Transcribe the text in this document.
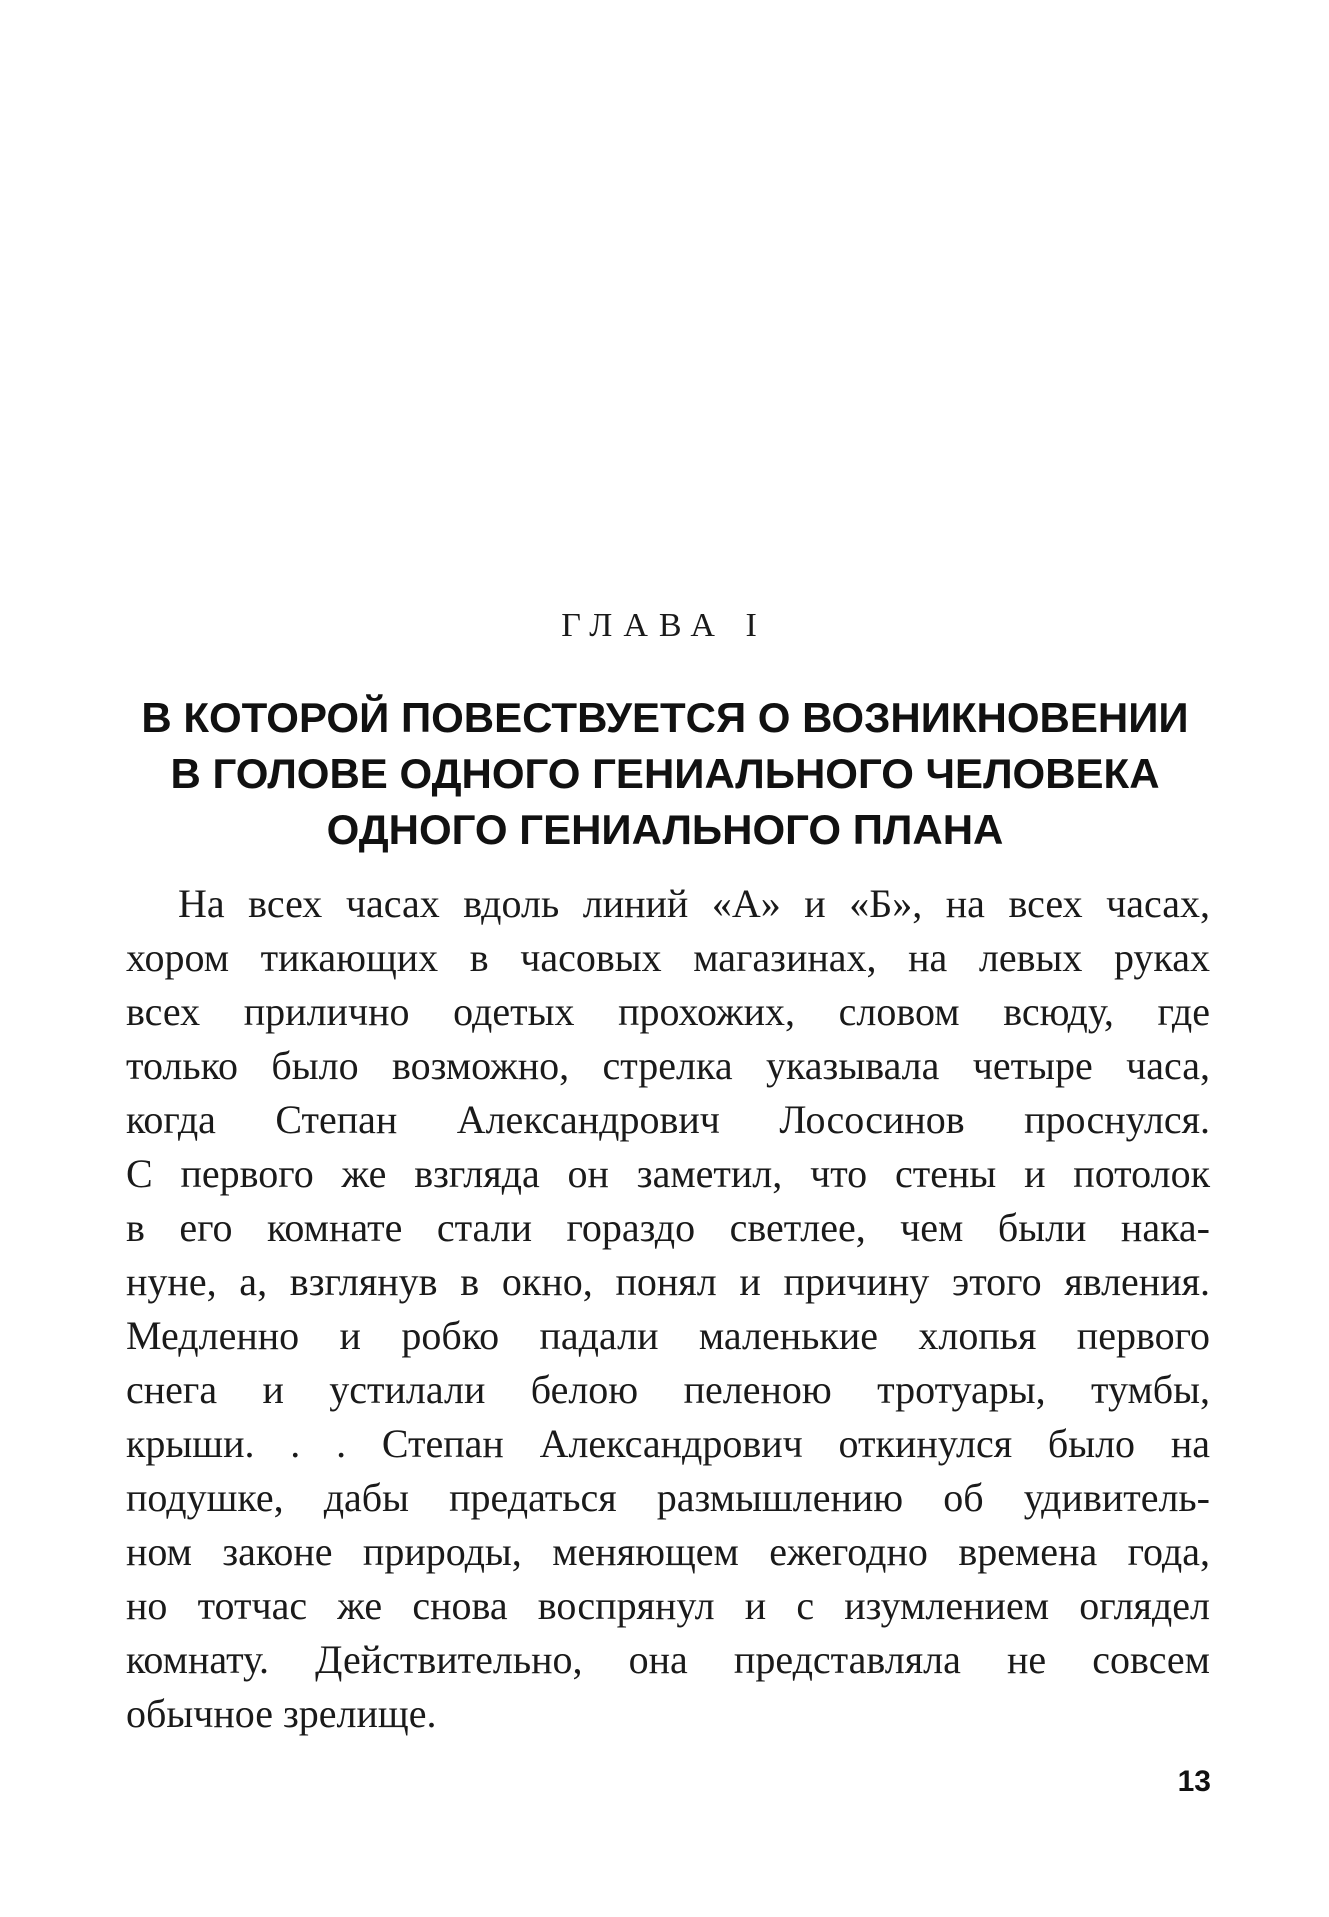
ГЛАВА I
В КОТОРОЙ ПОВЕСТВУЕТСЯ О ВОЗНИКНОВЕНИИ
В ГОЛОВЕ ОДНОГО ГЕНИАЛЬНОГО ЧЕЛОВЕКА
ОДНОГО ГЕНИАЛЬНОГО ПЛАНА
На всех часах вдоль линий «А» и «Б», на всех часах,
хором тикающих в часовых магазинах, на левых руках
всех прилично одетых прохожих, словом всюду, где
только было возможно, стрелка указывала четыре часа,
когда Степан Александрович Лососинов проснулся.
С первого же взгляда он заметил, что стены и потолок
в его комнате стали гораздо светлее, чем были нака-
нуне, а, взглянув в окно, понял и причину этого явления.
Медленно и робко падали маленькие хлопья первого
снега и устилали белою пеленою тротуары, тумбы,
крыши. . . Степан Александрович откинулся было на
подушке, дабы предаться размышлению об удивитель-
ном законе природы, меняющем ежегодно времена года,
но тотчас же снова воспрянул и с изумлением оглядел
комнату. Действительно, она представляла не совсем
обычное зрелище.
13
